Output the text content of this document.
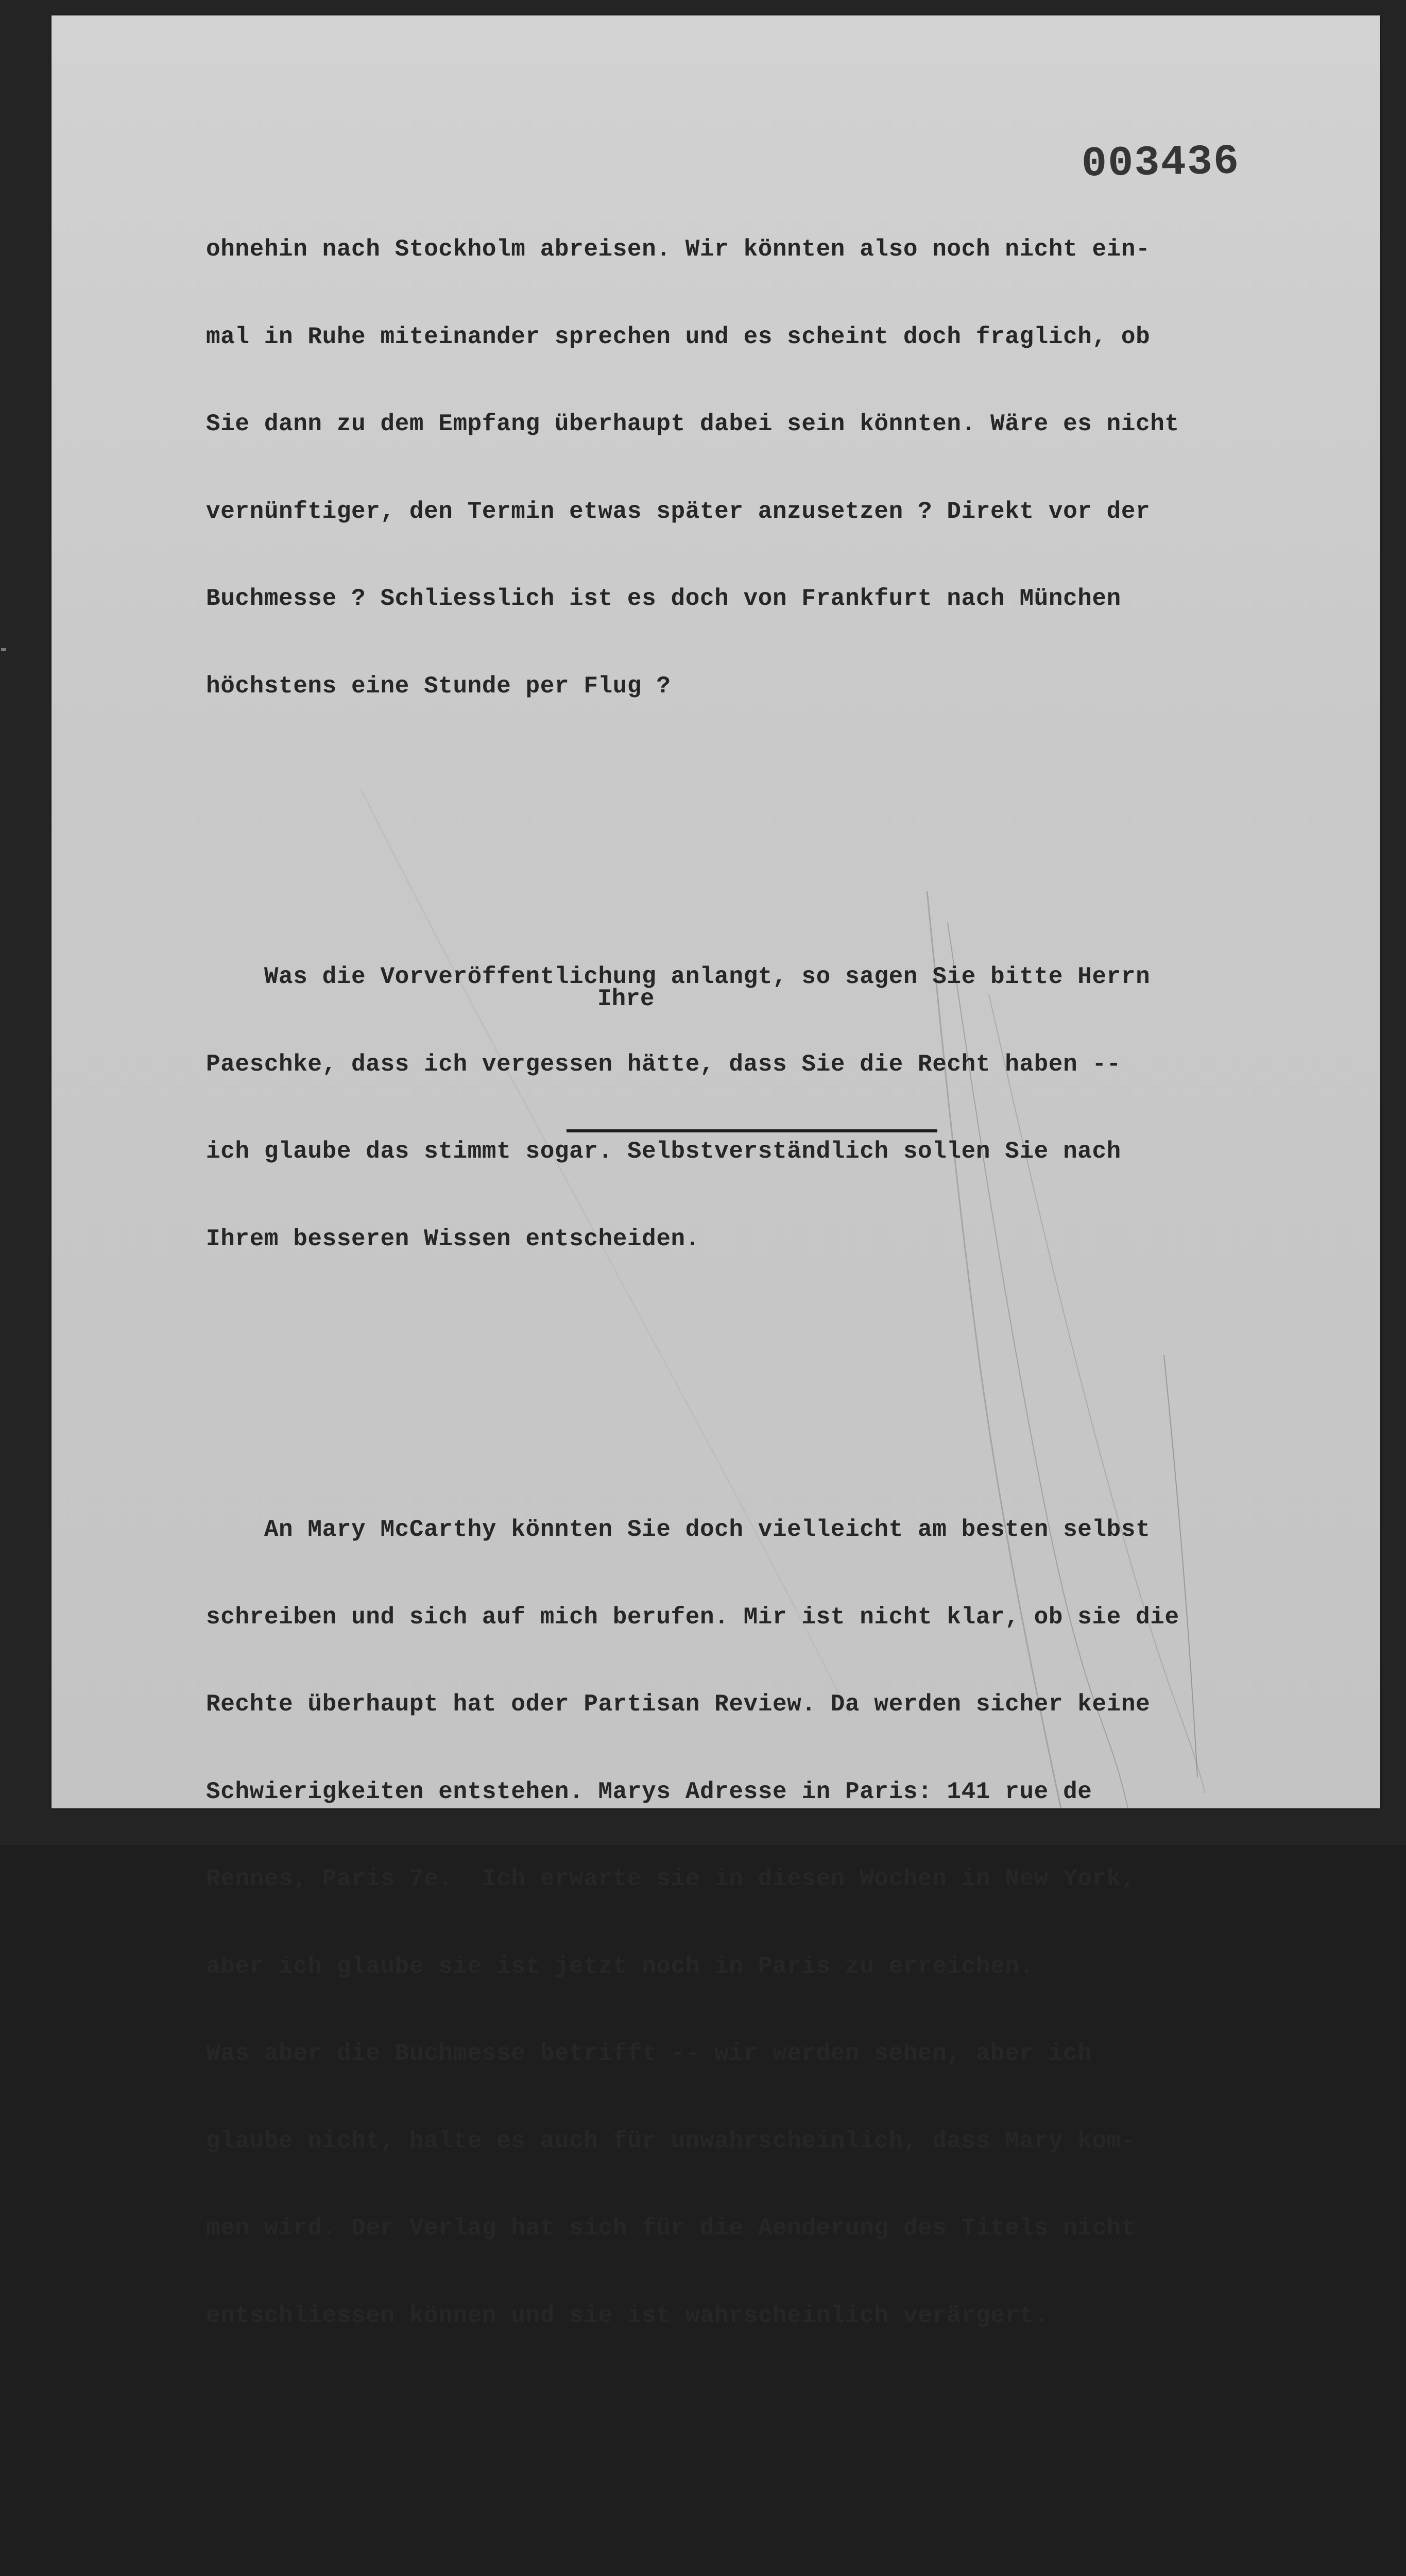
003436

ohnehin nach Stockholm abreisen. Wir könnten also noch nicht ein-

mal in Ruhe miteinander sprechen und es scheint doch fraglich, ob

Sie dann zu dem Empfang überhaupt dabei sein könnten. Wäre es nicht

vernünftiger, den Termin etwas später anzusetzen ? Direkt vor der

Buchmesse ? Schliesslich ist es doch von Frankfurt nach München

höchstens eine Stunde per Flug ?

Was die Vorveröffentlichung anlangt, so sagen Sie bitte Herrn

Paeschke, dass ich vergessen hätte, dass Sie die Recht haben --

ich glaube das stimmt sogar. Selbstverständlich sollen Sie nach

Ihrem besseren Wissen entscheiden.

An Mary McCarthy könnten Sie doch vielleicht am besten selbst

schreiben und sich auf mich berufen. Mir ist nicht klar, ob sie die

Rechte überhaupt hat oder Partisan Review. Da werden sicher keine

Schwierigkeiten entstehen. Marys Adresse in Paris: 141 rue de

Rennes, Paris 7e.  Ich erwarte sie in diesen Wochen in New York,

aber ich glaube sie ist jetzt noch in Paris zu erreichen.

Was aber die Buchmesse betrifft -- wir werden sehen, aber ich

glaube nicht, halte es auch für unwahrscheinlich, dass Mary kom-

men wird. Der Verlag hat sich für die Aenderung des Titels nicht

entschliessen können und sie ist wahrscheinlich verärgert.

Ihre
